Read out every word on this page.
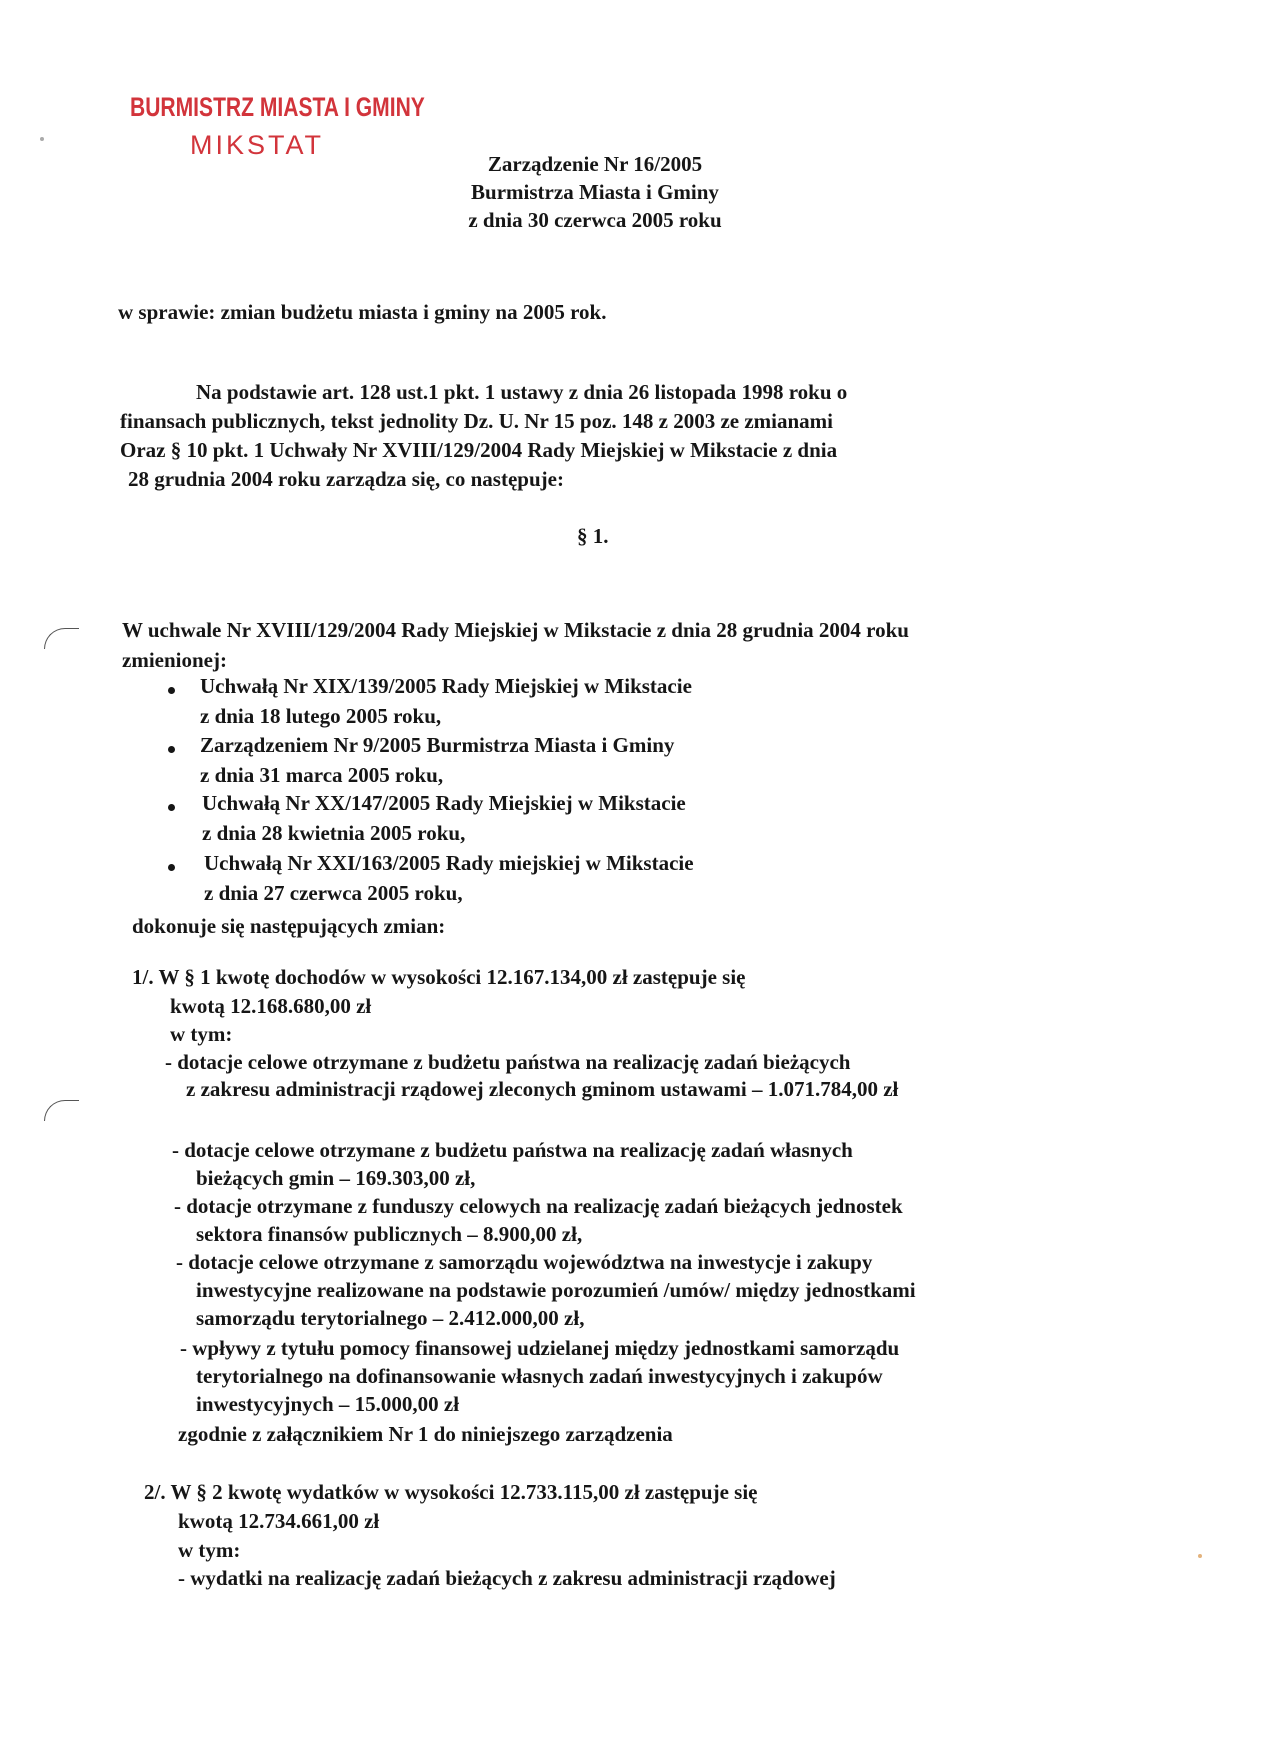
BURMISTRZ MIASTA I GMINY
MIKSTAT
Zarządzenie Nr 16/2005
Burmistrza Miasta i Gminy
z dnia 30 czerwca 2005 roku
w sprawie: zmian budżetu miasta i gminy na 2005 rok.
Na podstawie art. 128 ust.1 pkt. 1 ustawy z dnia 26 listopada 1998 roku o
finansach publicznych, tekst jednolity Dz. U. Nr 15 poz. 148 z 2003 ze zmianami
Oraz § 10 pkt. 1 Uchwały Nr XVIII/129/2004 Rady Miejskiej w Mikstacie z dnia
28 grudnia 2004 roku zarządza się, co następuje:
§ 1.
W uchwale Nr XVIII/129/2004 Rady Miejskiej w Mikstacie z dnia 28 grudnia 2004 roku
zmienionej:
Uchwałą Nr XIX/139/2005 Rady Miejskiej w Mikstacie
z dnia 18 lutego 2005 roku,
Zarządzeniem Nr 9/2005 Burmistrza Miasta i Gminy
z dnia 31 marca 2005 roku,
Uchwałą Nr XX/147/2005 Rady Miejskiej w Mikstacie
z dnia 28 kwietnia 2005 roku,
Uchwałą Nr XXI/163/2005 Rady miejskiej w Mikstacie
z dnia 27 czerwca 2005 roku,
dokonuje się następujących zmian:
1/. W § 1 kwotę dochodów w wysokości 12.167.134,00 zł zastępuje się
kwotą 12.168.680,00 zł
w tym:
- dotacje celowe otrzymane z budżetu państwa na realizację zadań bieżących
z zakresu administracji rządowej zleconych gminom ustawami – 1.071.784,00 zł
- dotacje celowe otrzymane z budżetu państwa na realizację zadań własnych
bieżących gmin – 169.303,00 zł,
- dotacje otrzymane z funduszy celowych na realizację zadań bieżących jednostek
sektora finansów publicznych – 8.900,00 zł,
- dotacje celowe otrzymane z samorządu województwa na inwestycje i zakupy
inwestycyjne realizowane na podstawie porozumień /umów/ między jednostkami
samorządu terytorialnego – 2.412.000,00 zł,
- wpływy z tytułu pomocy finansowej udzielanej między jednostkami samorządu
terytorialnego na dofinansowanie własnych zadań inwestycyjnych i zakupów
inwestycyjnych – 15.000,00 zł
zgodnie z załącznikiem Nr 1 do niniejszego zarządzenia
2/. W § 2 kwotę wydatków w wysokości 12.733.115,00 zł zastępuje się
kwotą 12.734.661,00 zł
w tym:
- wydatki na realizację zadań bieżących z zakresu administracji rządowej
